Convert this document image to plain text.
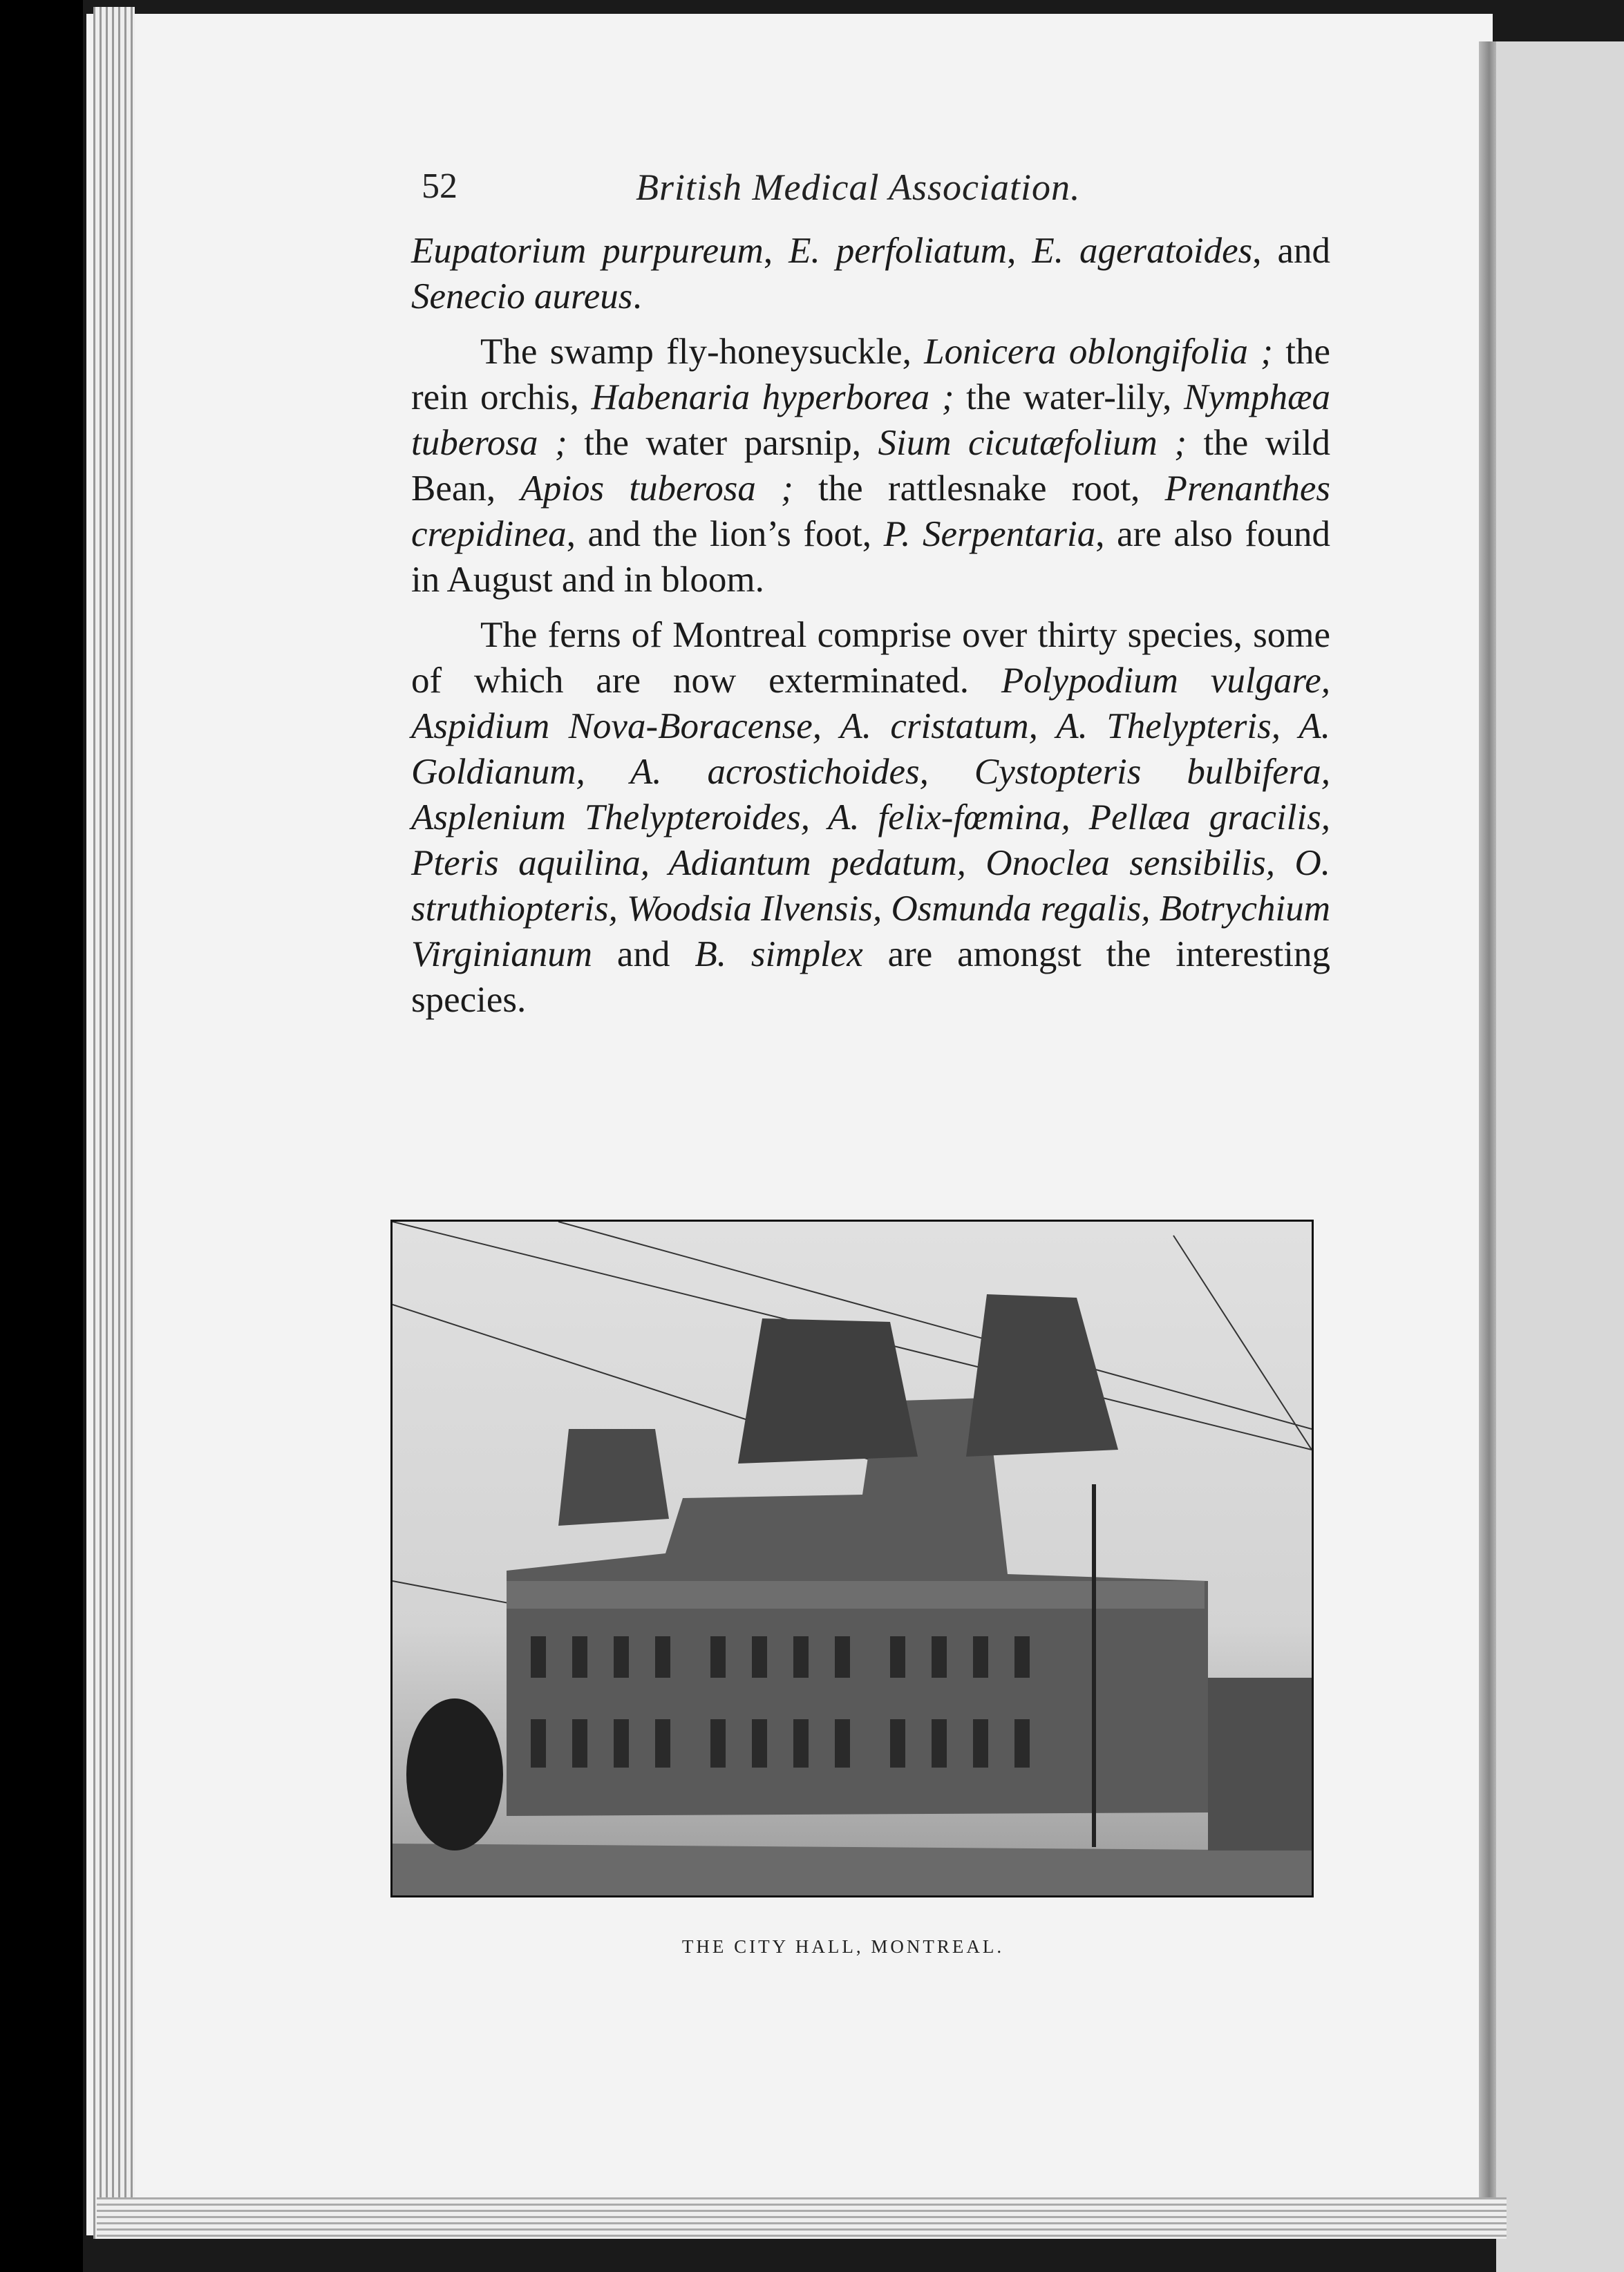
52	British Medical Association.

Eupatorium purpureum, E. perfoliatum, E. ageratoides, and Senecio aureus.

The swamp fly-honeysuckle, Lonicera oblongifolia ; the rein orchis, Habenaria hyperborea ; the water-lily, Nymphæa tuberosa ; the water parsnip, Sium cicutæfolium ; the wild Bean, Apios tuberosa ; the rattlesnake root, Prenanthes crepidinea, and the lion’s foot, P. Serpentaria, are also found in August and in bloom.

The ferns of Montreal comprise over thirty species, some of which are now exterminated. Polypodium vulgare, Aspidium Nova-Boracense, A. cristatum, A. Thelypteris, A. Goldianum, A. acrostichoides, Cystopteris bulbifera, Asplenium Thelypteroides, A. felix-fœmina, Pellæa gracilis, Pteris aquilina, Adiantum pedatum, Onoclea sensibilis, O. struthiopteris, Woodsia Ilvensis, Osmunda regalis, Botrychium Virginianum and B. simplex are amongst the interesting species.

THE CITY HALL, MONTREAL.
